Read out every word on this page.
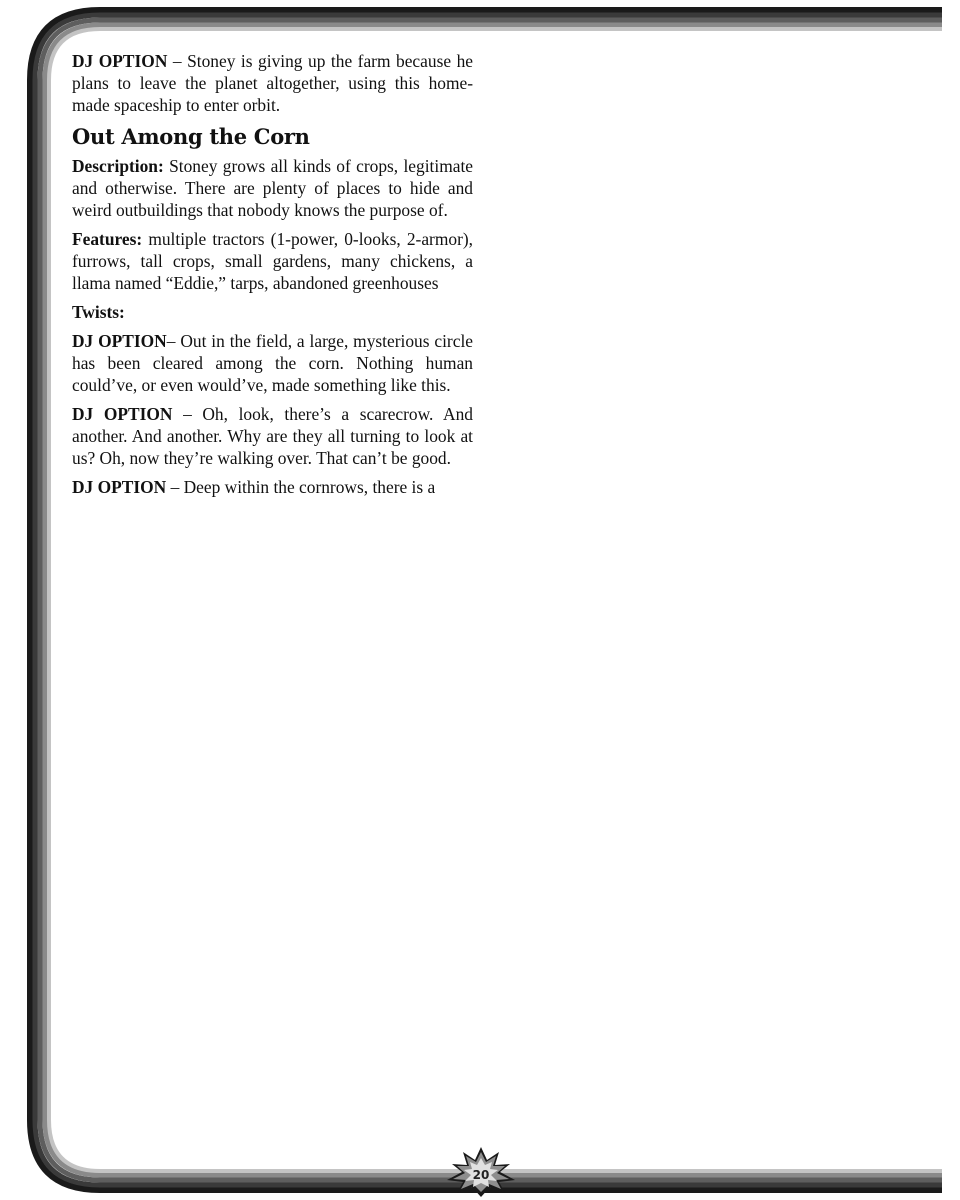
20

DJ OPTION – Stoney is giving up the farm because he plans to leave the planet altogether, using this home-made spaceship to enter orbit.

Out Among the Corn

Description: Stoney grows all kinds of crops, legitimate and otherwise. There are plenty of places to hide and weird outbuildings that nobody knows the purpose of.

Features: multiple tractors (1-power, 0-looks, 2-armor), furrows, tall crops, small gardens, many chickens, a llama named “Eddie,” tarps, abandoned greenhouses

Twists:

DJ OPTION– Out in the field, a large, mysterious circle has been cleared among the corn. Nothing human could’ve, or even would’ve, made something like this.

DJ OPTION – Oh, look, there’s a scarecrow. And another. And another. Why are they all turning to look at us? Oh, now they’re walking over. That can’t be good.

DJ OPTION – Deep within the cornrows, there is a
